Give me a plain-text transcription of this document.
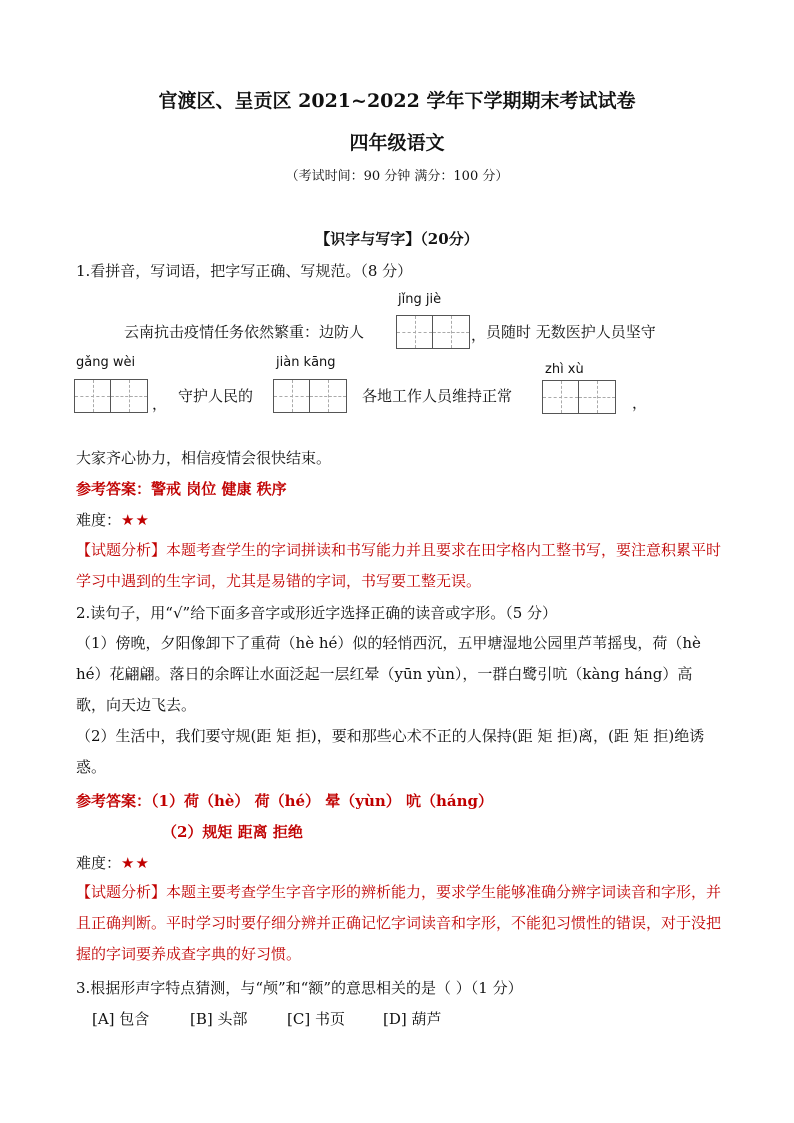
官渡区、呈贡区 2021~2022 学年下学期期末考试试卷
四年级语文
（考试时间：90 分钟 满分：100 分）
【识字与写字】（20分）
1.看拼音，写词语，把字写正确、写规范。（8 分）
jǐng jiè
云南抗击疫情任务依然繁重：边防人	， 员随时 无数医护人员坚守
gǎng wèi	jiàn kāng	zhì xù
， 守护人民的	各地工作人员维持正常	，
大家齐心协力，相信疫情会很快结束。
参考答案：警戒 岗位 健康 秩序
难度：★★
【试题分析】本题考查学生的字词拼读和书写能力并且要求在田字格内工整书写，要注意积累平时学习中遇到的生字词，尤其是易错的字词，书写要工整无误。
2.读句子，用“√”给下面多音字或形近字选择正确的读音或字形。（5 分）
（1）傍晚，夕阳像卸下了重荷（hè hé）似的轻悄西沉，五甲塘湿地公园里芦苇摇曳，荷（hè hé）花翩翩。落日的余晖让水面泛起一层红晕（yūn yùn），一群白鹭引吭（kàng háng）高歌，向天边飞去。
（2）生活中，我们要守规(距 矩 拒)，要和那些心术不正的人保持(距 矩 拒)离，(距 矩 拒)绝诱惑。
参考答案：（1）荷（hè） 荷（hé） 晕（yùn） 吭（háng）
（2）规矩 距离 拒绝
难度：★★
【试题分析】本题主要考查学生字音字形的辨析能力，要求学生能够准确分辨字词读音和字形，并且正确判断。平时学习时要仔细分辨并正确记忆字词读音和字形，不能犯习惯性的错误，对于没把握的字词要养成查字典的好习惯。
3.根据形声字特点猜测，与“颅”和“额”的意思相关的是（ ）（1 分）
[A] 包含	[B] 头部	[C] 书页	[D] 葫芦
